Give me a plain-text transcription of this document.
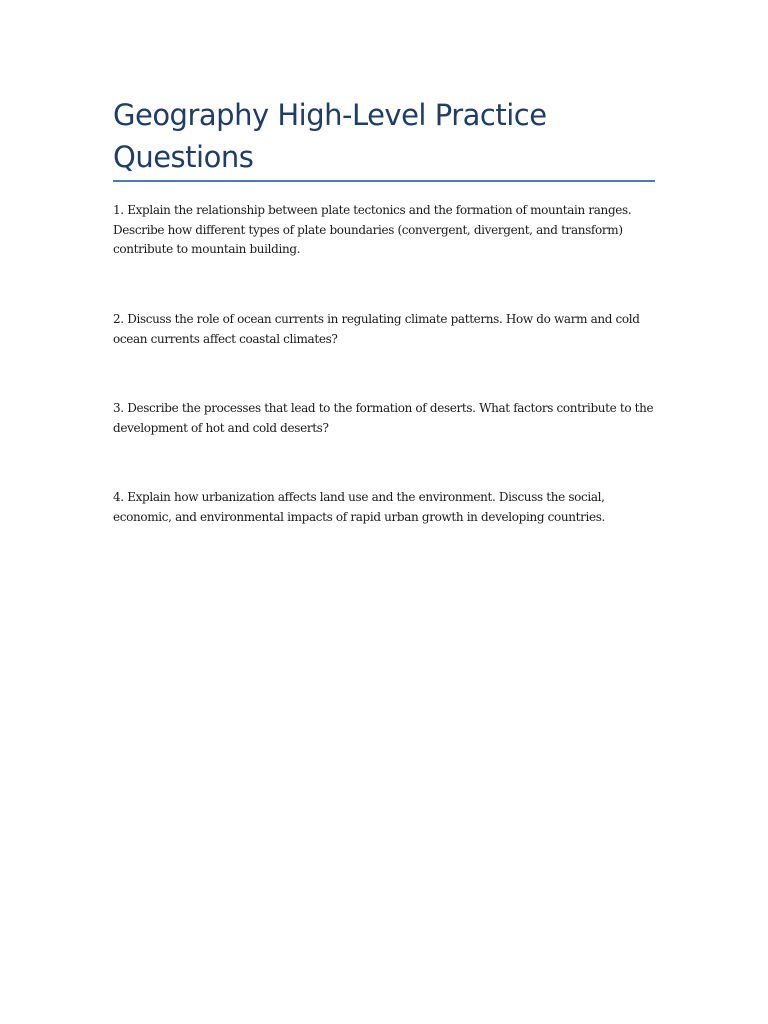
Geography High-Level Practice Questions

1. Explain the relationship between plate tectonics and the formation of mountain ranges. Describe how different types of plate boundaries (convergent, divergent, and transform) contribute to mountain building.

2. Discuss the role of ocean currents in regulating climate patterns. How do warm and cold ocean currents affect coastal climates?

3. Describe the processes that lead to the formation of deserts. What factors contribute to the development of hot and cold deserts?

4. Explain how urbanization affects land use and the environment. Discuss the social, economic, and environmental impacts of rapid urban growth in developing countries.
